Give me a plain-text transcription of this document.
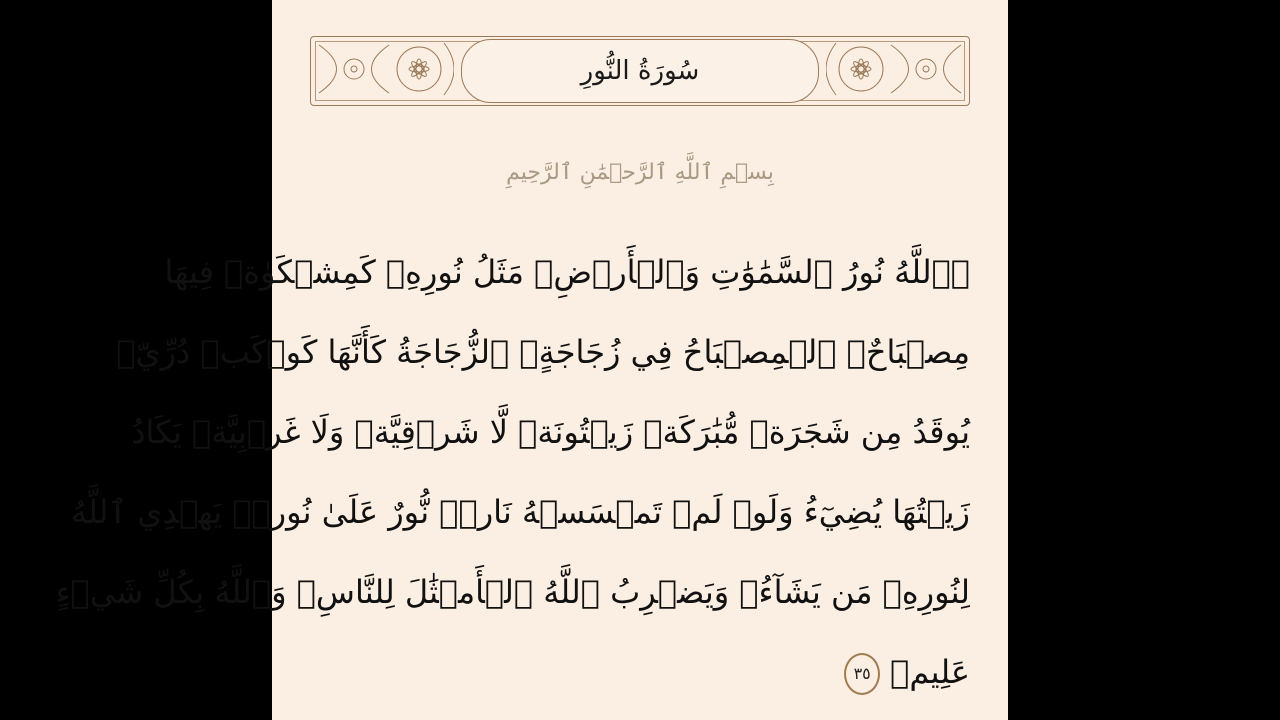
سُورَةُ النُّورِ
بِسۡمِ ٱللَّهِ ٱلرَّحۡمَٰنِ ٱلرَّحِيمِ
۞ٱللَّهُ نُورُ ٱلسَّمَٰوَٰتِ وَٱلۡأَرۡضِۚ مَثَلُ نُورِهِۦ كَمِشۡكَوٰةٖ فِيهَا
مِصۡبَاحٌۖ ٱلۡمِصۡبَاحُ فِي زُجَاجَةٍۖ ٱلزُّجَاجَةُ كَأَنَّهَا كَوۡكَبٞ دُرِّيّٞ
يُوقَدُ مِن شَجَرَةٖ مُّبَٰرَكَةٖ زَيۡتُونَةٖ لَّا شَرۡقِيَّةٖ وَلَا غَرۡبِيَّةٖ يَكَادُ
زَيۡتُهَا يُضِيٓءُ وَلَوۡ لَمۡ تَمۡسَسۡهُ نَارٞۚ نُّورٌ عَلَىٰ نُورٖۚ يَهۡدِي ٱللَّهُ
لِنُورِهِۦ مَن يَشَآءُۚ وَيَضۡرِبُ ٱللَّهُ ٱلۡأَمۡثَٰلَ لِلنَّاسِۗ وَٱللَّهُ بِكُلِّ شَيۡءٍ
عَلِيمٞ٣٥
